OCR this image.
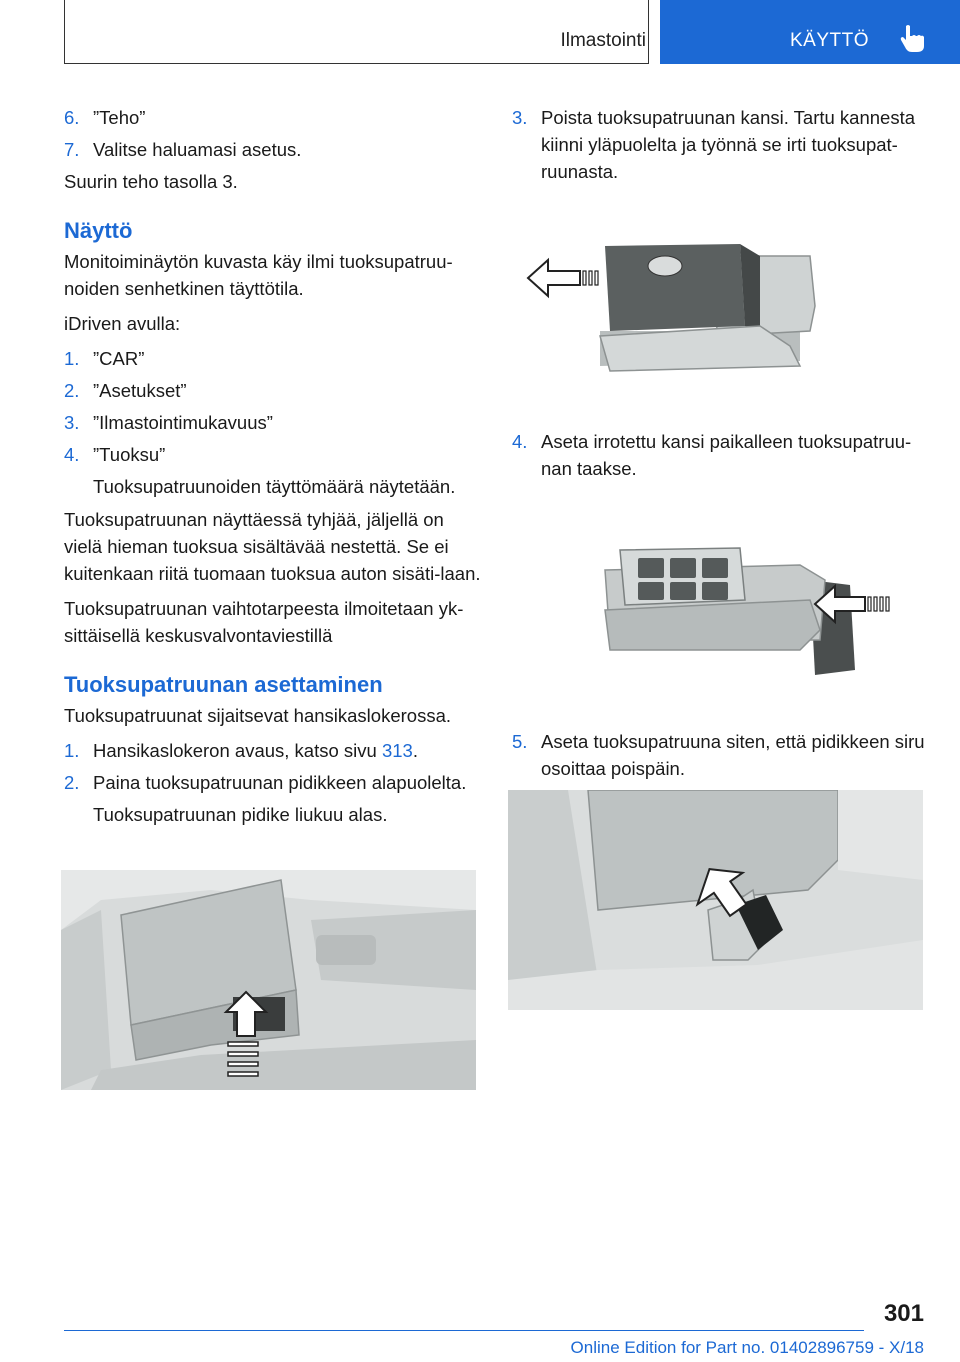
Ilmastointi	KÄYTTÖ
6. ”Teho”
7. Valitse haluamasi asetus.

Suurin teho tasolla 3.

Näyttö

Monitoiminäytön kuvasta käy ilmi tuoksupatruu-noiden senhetkinen täyttötila.

iDriven avulla:

1. ”CAR”
2. ”Asetukset”
3. ”Ilmastointimukavuus”
4. ”Tuoksu”
Tuoksupatruunoiden täyttömäärä näytetään.

Tuoksupatruunan näyttäessä tyhjää, jäljellä on vielä hieman tuoksua sisältävää nestettä. Se ei kuitenkaan riitä tuomaan tuoksua auton sisäti-laan.

Tuoksupatruunan vaihtotarpeesta ilmoitetaan yk-sittäisellä keskusvalvontaviestillä

Tuoksupatruunan asettaminen

Tuoksupatruunat sijaitsevat hansikaslokerossa.

1. Hansikaslokeron avaus, katso sivu 313.
2. Paina tuoksupatruunan pidikkeen alapuolelta.
Tuoksupatruunan pidike liukuu alas.
3. Poista tuoksupatruunan kansi. Tartu kannesta kiinni yläpuolelta ja työnnä se irti tuoksupat-ruunasta.
4. Aseta irrotettu kansi paikalleen tuoksupatruu-nan taakse.
5. Aseta tuoksupatruuna siten, että pidikkeen siru osoittaa poispäin.
301
Online Edition for Part no. 01402896759 - X/18
